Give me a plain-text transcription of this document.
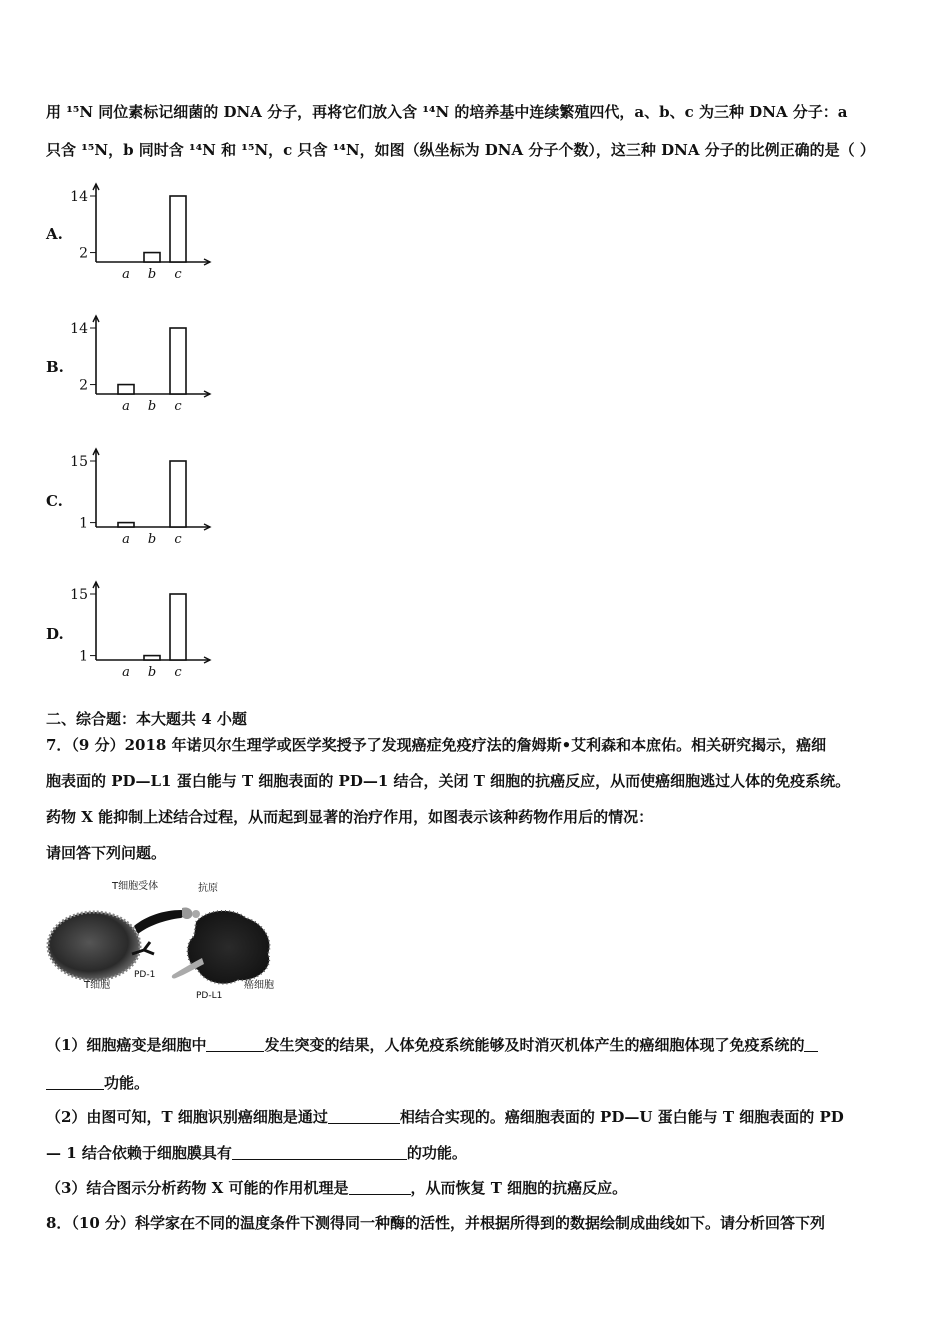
用 ¹⁵N 同位素标记细菌的 DNA 分子，再将它们放入含 ¹⁴N 的培养基中连续繁殖四代，a、b、c 为三种 DNA 分子：a
只含 ¹⁵N，b 同时含 ¹⁴N 和 ¹⁵N，c 只含 ¹⁴N，如图（纵坐标为 DNA 分子个数），这三种 DNA 分子的比例正确的是（ ）
A.
14
2
a b c
B.
14
2
a b c
C.
15
1
a b c
D.
15
1
a b c
二、综合题：本大题共 4 小题
7．（9 分）2018 年诺贝尔生理学或医学奖授予了发现癌症免疫疗法的詹姆斯•艾利森和本庶佑。相关研究揭示，癌细
胞表面的 PD—L1 蛋白能与 T 细胞表面的 PD—1 结合，关闭 T 细胞的抗癌反应，从而使癌细胞逃过人体的免疫系统。
药物 X 能抑制上述结合过程，从而起到显著的治疗作用，如图表示该种药物作用后的情况：
请回答下列问题。
T细胞受体	抗原
PD-1
T细胞	癌细胞
PD-L1
（1）细胞癌变是细胞中	发生突变的结果，人体免疫系统能够及时消灭机体产生的癌细胞体现了免疫系统的
功能。
（2）由图可知，T 细胞识别癌细胞是通过	相结合实现的。癌细胞表面的 PD—U 蛋白能与 T 细胞表面的 PD
— 1 结合依赖于细胞膜具有	的功能。
（3）结合图示分析药物 X 可能的作用机理是	，从而恢复 T 细胞的抗癌反应。
8．（10 分）科学家在不同的温度条件下测得同一种酶的活性，并根据所得到的数据绘制成曲线如下。请分析回答下列
